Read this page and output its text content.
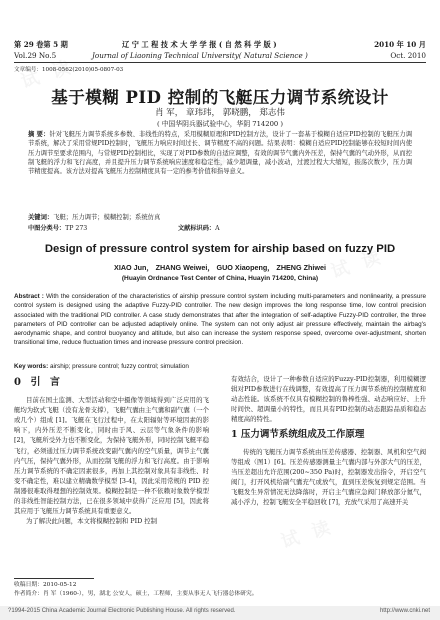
第 29 卷第 5 期	辽 宁 工 程 技 术 大 学 学 报 ( 自 然 科 学 版 )	2010 年 10 月
Vol.29 No.5	Journal of Liaoning Technical University( Natural Science )	Oct. 2010
文章编号：1008-0562(2010)05-0807-03
基于模糊 PID 控制的飞艇压力调节系统设计
肖 军， 章玮玮， 郭晓鹏， 郑志伟
( 中国华阴兵器试验中心，华阴 714200 )
摘 要：针对飞艇压力调节系统多参数、非线性的特点，采用模糊原理和PID控制方法，设计了一套基于模糊自适应PID控制的飞艇压力调节系统，解决了采用常规PID控制时，飞艇压力响应时间过长、调节精度不高的问题。结果表明：模糊自适应PID控制能够在较短时间内使压力调节至要求范围内，与常规PID控制相比，实现了对PID参数的自适应调整，有效的调节气囊内外压差，保持气囊的气动外形，从而控制飞艇的浮力和飞行高度，并且提升压力调节系统响应速度和稳定性，减少超调量，减小波动，过渡过程大大缩短，振荡次数少，压力调节精度提高。该方法对提高飞艇压力控制精度具有一定的参考价值和指导意义。
关键词：飞艇；压力调节；模糊控制；系统仿真
中图分类号： TP 273	文献标识码： A
Design of pressure control system for airship based on fuzzy PID
XIAO Jun， ZHANG Weiwei， GUO Xiaopeng， ZHENG Zhiwei
(Huayin Ordnance Test Center of China, Huayin 714200, China)
Abstract : With the consideration of the characteristics of airship pressure control system including multi-parameters and nonlinearity, a pressure control system is designed using the adaptive Fuzzy-PID controller. The new design improves the long response time, low control precision associated with the traditional PID controller. A case study demonstrates that after the integration of self-adaptive Fuzzy-PID controller, the three parameters of PID controller can be adjusted adaptively online. The system can not only adjust air pressure effectively, maintain the airbag's aerodynamic shape, and control buoyancy and altitude, but also can increase the system response speed, overcome over-adjustment, shorten transitional time, reduce fluctuation times and increase pressure control precision.
Key words: airship; pressure control; fuzzy control; simulation
0 引 言

目前在国土监测、大型活动和空中摄像等领域得到广泛应用的飞艇均为软式飞艇（没有龙骨支撑），飞艇气囊由主气囊和副气囊（一个或几个）组成 [1]。飞艇在飞行过程中，在太阳辐射等环境因素的影响下，内外压差不断变化，同时由于风、云层等气象条件的影响 [2]，飞艇所受外力也不断变化，为保持飞艇外形，同时控制飞艇平稳飞行，必须通过压力调节系统改变副气囊内的空气质量，调节主气囊内气压，保持气囊外形，从而控制飞艇的浮力和飞行高度。由于影响压力调节系统的不确定因素很多，再加上其控制对象具有非线性、时变不确定性，难以建立精确数学模型 [3-4]，因此采用常规的 PID 控制器很难取得理想的控制效果。模糊控制是一种不依赖对象数学模型的非线性智能控制方法，已在很多领域中获得广泛应用 [5]，因此将其应用于飞艇压力调节系统具有重要意义。

为了解决此问题，本文将模糊控制和 PID 控制

有效结合，设计了一种参数自适应的Fuzzy-PID控制器，利用模糊逻辑对PID参数进行在线调整，有效提高了压力调节系统的控制精度和动态性能。该系统不仅具有模糊控制的鲁棒性强、动态响应好、上升时间快、超调量小的特性，而且具有PID控制的动态跟踪品质和稳态精度高的特性。

1 压力调节系统组成及工作原理

传统的飞艇压力调节系统由压差传感器、控制器、风机和空气阀等组成（图1）[6]。压差传感器测量主气囊内部与外部大气的压差，当压差超出允许范围(200~350 Pa)时，控制器发出指令，开启空气阀门，打开风机给副气囊充气或放气，直到压差恢复到规定范围。当飞艇发生异常情况无法降落时，开启主气囊应急阀门释放部分氦气，减小浮力，控制飞艇安全平稳回收 [7]，充放气采用了高速开关

收稿日期：2010-05-12
作者简介：肖 军（1960-），男，湖北 公安人，硕士，工程师，主要从事无人飞行器总体研究。
?1994-2015 China Academic Journal Electronic Publishing House. All rights reserved.	http://www.cnki.net
